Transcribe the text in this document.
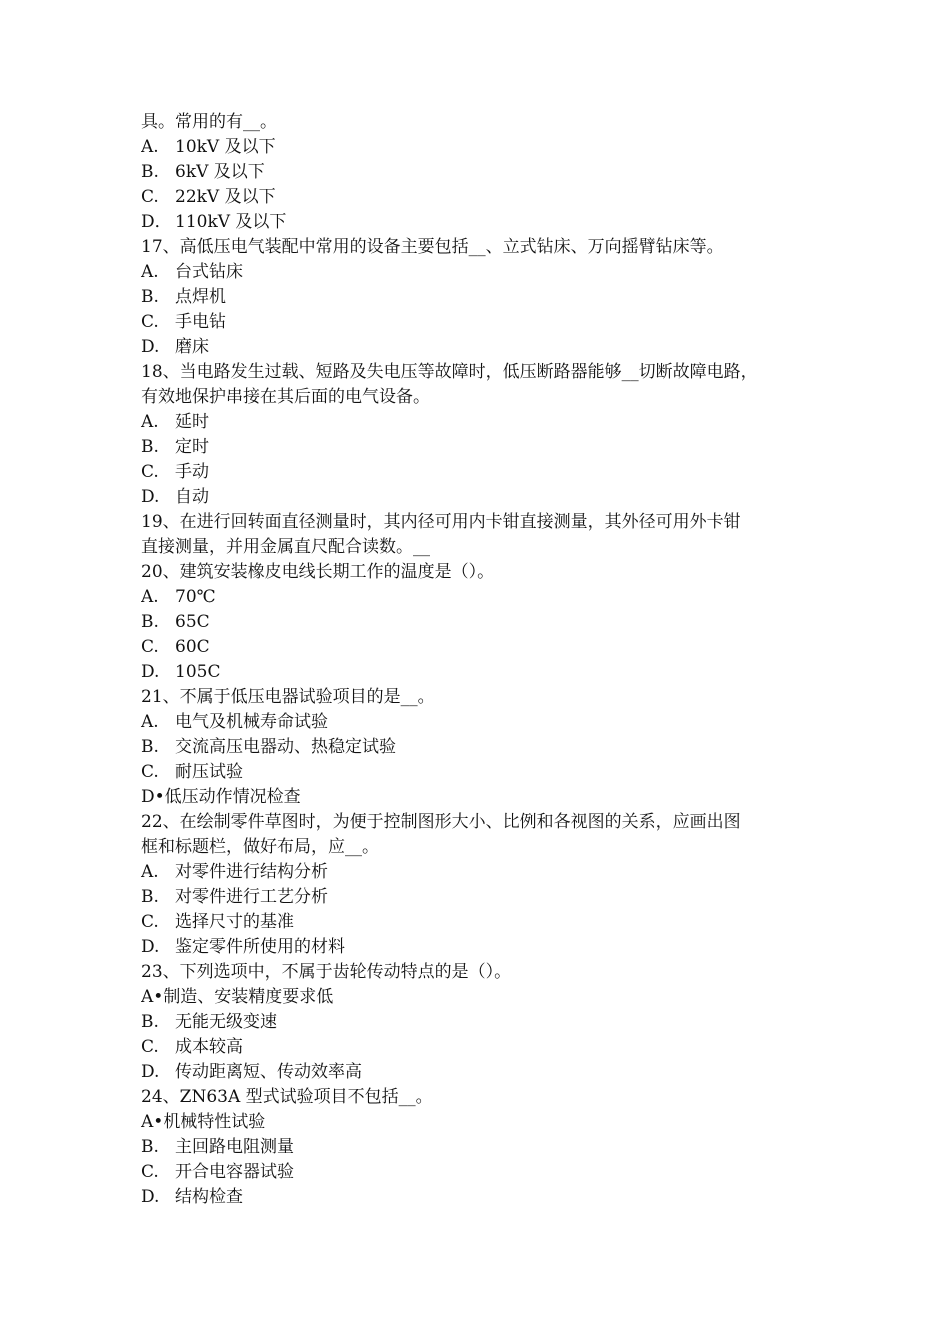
具。常用的有__。
A. 10kV 及以下
B. 6kV 及以下
C. 22kV 及以下
D． 110kV 及以下
17、高低压电气装配中常用的设备主要包括__、立式钻床、万向摇臂钻床等。
A. 台式钻床
B. 点焊机
C. 手电钻
D. 磨床
18、当电路发生过载、短路及失电压等故障时，低压断路器能够__切断故障电路，
有效地保护串接在其后面的电气设备。
A. 延时
B. 定时
C. 手动
D. 自动
19、在进行回转面直径测量时，其内径可用内卡钳直接测量，其外径可用外卡钳
直接测量，并用金属直尺配合读数。__
20、建筑安装橡皮电线长期工作的温度是（）。
A. 70℃
B. 65C
C. 60C
D. 105C
21、不属于低压电器试验项目的是__。
A. 电气及机械寿命试验
B. 交流高压电器动、热稳定试验
C. 耐压试验
D•低压动作情况检查
22、在绘制零件草图时，为便于控制图形大小、比例和各视图的关系，应画出图
框和标题栏，做好布局，应__。
A. 对零件进行结构分析
B. 对零件进行工艺分析
C. 选择尺寸的基准
D. 鉴定零件所使用的材料
23、下列选项中，不属于齿轮传动特点的是（）。
A•制造、安装精度要求低
B. 无能无级变速
C. 成本较高
D. 传动距离短、传动效率高
24、ZN63A 型式试验项目不包括__。
A•机械特性试验
B. 主回路电阻测量
C. 开合电容器试验
D. 结构检查
